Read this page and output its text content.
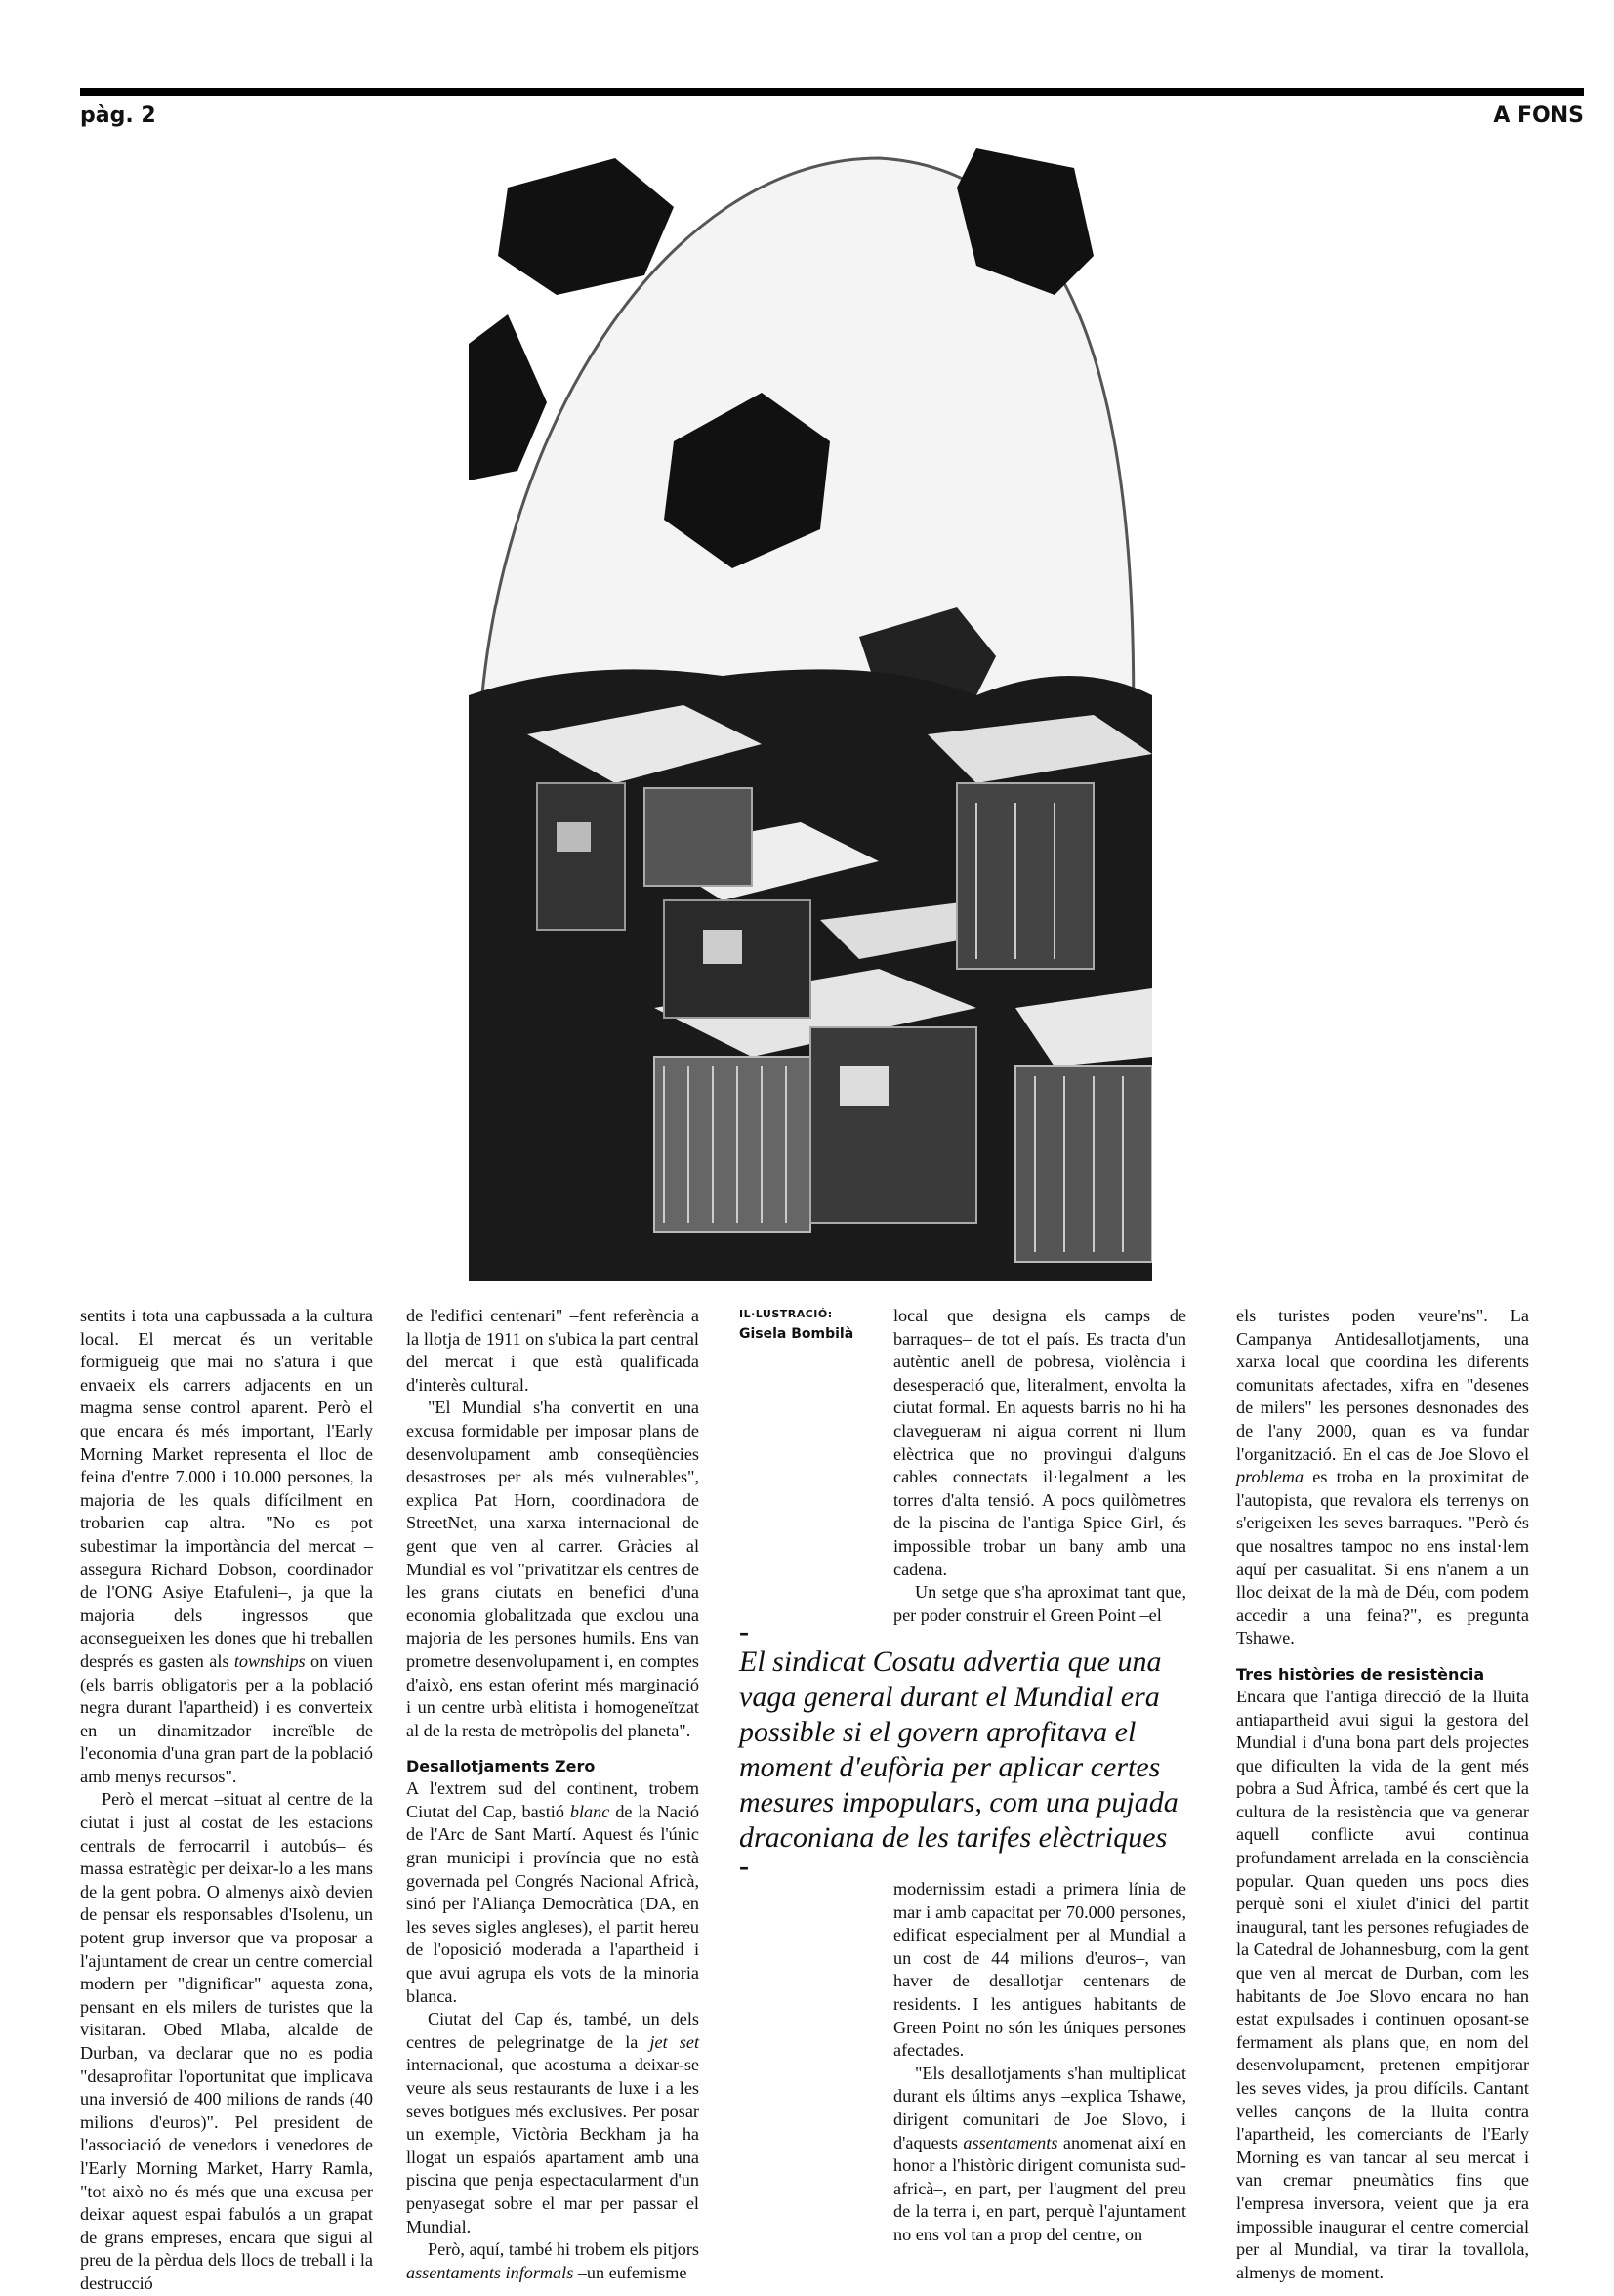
pàg. 2	A FONS

sentits i tota una capbussada a la cultura local. El mercat és un veritable formigueig que mai no s'atura i que envaeix els carrers adjacents en un magma sense control aparent. Però el que encara és més important, l'Early Morning Market representa el lloc de feina d'entre 7.000 i 10.000 persones, la majoria de les quals difícilment en trobarien cap altra. "No es pot subestimar la importància del mercat –assegura Richard Dobson, coordinador de l'ONG Asiye Etafuleni–, ja que la majoria dels ingressos que aconsegueixen les dones que hi treballen després es gasten als townships on viuen (els barris obligatoris per a la població negra durant l'apartheid) i es converteix en un dinamitzador increïble de l'economia d'una gran part de la població amb menys recursos".

Però el mercat –situat al centre de la ciutat i just al costat de les estacions centrals de ferrocarril i autobús– és massa estratègic per deixar-lo a les mans de la gent pobra. O almenys això devien de pensar els responsables d'Isolenu, un potent grup inversor que va proposar a l'ajuntament de crear un centre comercial modern per "dignificar" aquesta zona, pensant en els milers de turistes que la visitaran. Obed Mlaba, alcalde de Durban, va declarar que no es podia "desaprofitar l'oportunitat que implicava una inversió de 400 milions de rands (40 milions d'euros)". Pel president de l'associació de venedors i venedores de l'Early Morning Market, Harry Ramla, "tot això no és més que una excusa per deixar aquest espai fabulós a un grapat de grans empreses, encara que sigui al preu de la pèrdua dels llocs de treball i la destrucció

de l'edifici centenari" –fent referència a la llotja de 1911 on s'ubica la part central del mercat i que està qualificada d'interès cultural.

"El Mundial s'ha convertit en una excusa formidable per imposar plans de desenvolupament amb conseqüències desastroses per als més vulnerables", explica Pat Horn, coordinadora de StreetNet, una xarxa internacional de gent que ven al carrer. Gràcies al Mundial es vol "privatitzar els centres de les grans ciutats en benefici d'una economia globalitzada que exclou una majoria de les persones humils. Ens van prometre desenvolupament i, en comptes d'això, ens estan oferint més marginació i un centre urbà elitista i homogeneïtzat al de la resta de metròpolis del planeta".

Desallotjaments Zero

A l'extrem sud del continent, trobem Ciutat del Cap, bastió blanc de la Nació de l'Arc de Sant Martí. Aquest és l'únic gran municipi i província que no està governada pel Congrés Nacional Africà, sinó per l'Aliança Democràtica (DA, en les seves sigles angleses), el partit hereu de l'oposició moderada a l'apartheid i que avui agrupa els vots de la minoria blanca.

Ciutat del Cap és, també, un dels centres de pelegrinatge de la jet set internacional, que acostuma a deixar-se veure als seus restaurants de luxe i a les seves botigues més exclusives. Per posar un exemple, Victòria Beckham ja ha llogat un espaiós apartament amb una piscina que penja espectacularment d'un penyasegat sobre el mar per passar el Mundial.

Però, aquí, també hi trobem els pitjors assentaments informals –un eufemisme

IL·LUSTRACIÓ:
Gisela Bombilà

local que designa els camps de barraques– de tot el país. Es tracta d'un autèntic anell de pobresa, violència i desesperació que, literalment, envolta la ciutat formal. En aquests barris no hi ha claveguerам ni aigua corrent ni llum elèctrica que no provingui d'alguns cables connectats il·legalment a les torres d'alta tensió. A pocs quilòmetres de la piscina de l'antiga Spice Girl, és impossible trobar un bany amb una cadena.

Un setge que s'ha aproximat tant que, per poder construir el Green Point –el

–
El sindicat Cosatu advertia que una vaga general durant el Mundial era possible si el govern aprofitava el moment d'eufòria per aplicar certes mesures impopulars, com una pujada draconiana de les tarifes elèctriques
–

modernissim estadi a primera línia de mar i amb capacitat per 70.000 persones, edificat especialment per al Mundial a un cost de 44 milions d'euros–, van haver de desallotjar centenars de residents. I les antigues habitants de Green Point no són les úniques persones afectades.

"Els desallotjaments s'han multiplicat durant els últims anys –explica Tshawe, dirigent comunitari de Joe Slovo, i d'aquests assentaments anomenat així en honor a l'històric dirigent comunista sud-africà–, en part, per l'augment del preu de la terra i, en part, perquè l'ajuntament no ens vol tan a prop del centre, on

els turistes poden veure'ns". La Campanya Antidesallotjaments, una xarxa local que coordina les diferents comunitats afectades, xifra en "desenes de milers" les persones desnonades des de l'any 2000, quan es va fundar l'organització. En el cas de Joe Slovo el problema es troba en la proximitat de l'autopista, que revalora els terrenys on s'erigeixen les seves barraques. "Però és que nosaltres tampoc no ens instal·lem aquí per casualitat. Si ens n'anem a un lloc deixat de la mà de Déu, com podem accedir a una feina?", es pregunta Tshawe.

Tres històries de resistència

Encara que l'antiga direcció de la lluita antiapartheid avui sigui la gestora del Mundial i d'una bona part dels projectes que dificulten la vida de la gent més pobra a Sud Àfrica, també és cert que la cultura de la resistència que va generar aquell conflicte avui continua profundament arrelada en la consciència popular. Quan queden uns pocs dies perquè soni el xiulet d'inici del partit inaugural, tant les persones refugiades de la Catedral de Johannesburg, com la gent que ven al mercat de Durban, com les habitants de Joe Slovo encara no han estat expulsades i continuen oposant-se fermament als plans que, en nom del desenvolupament, pretenen empitjorar les seves vides, ja prou difícils. Cantant velles cançons de la lluita contra l'apartheid, les comerciants de l'Early Morning es van tancar al seu mercat i van cremar pneumàtics fins que l'empresa inversora, veient que ja era impossible inaugurar el centre comercial per al Mundial, va tirar la tovallola, almenys de moment.
